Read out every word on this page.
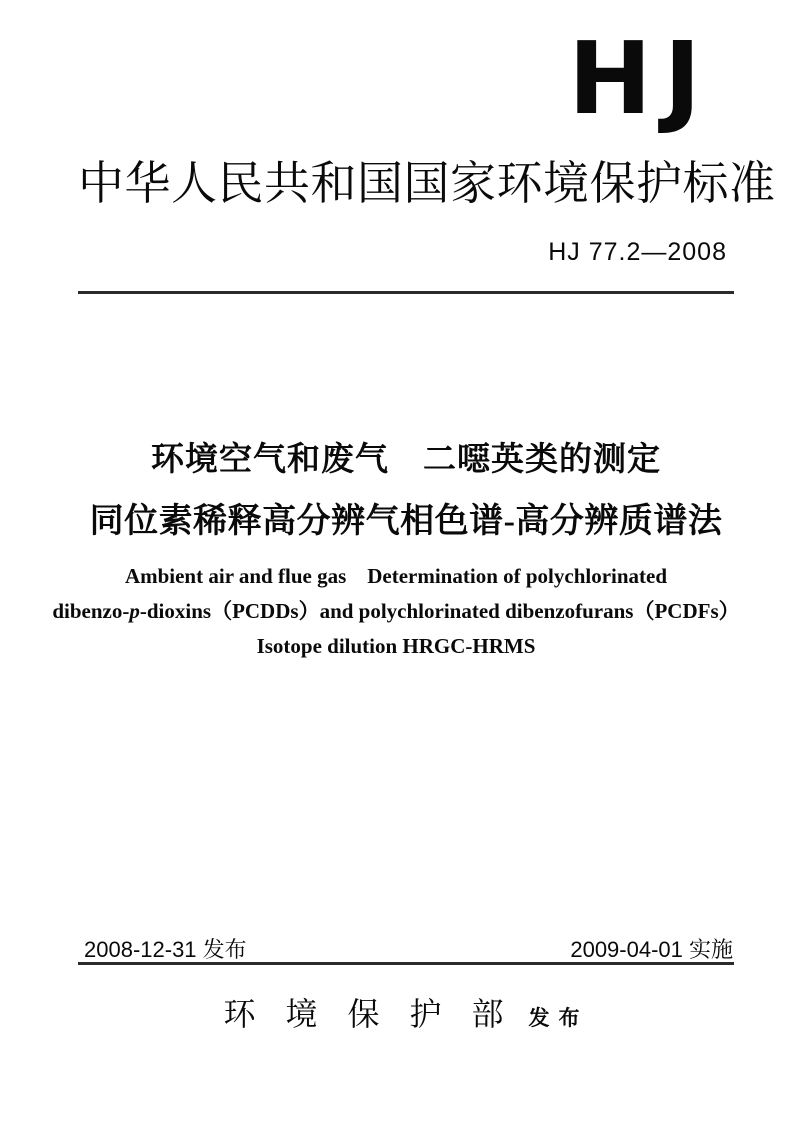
HJ
中华人民共和国国家环境保护标准
HJ 77.2—2008
环境空气和废气　二噁英类的测定
同位素稀释高分辨气相色谱-高分辨质谱法
Ambient air and flue gas    Determination of polychlorinated
dibenzo-p-dioxins（PCDDs）and polychlorinated dibenzofurans（PCDFs）
Isotope dilution HRGC-HRMS
2008-12-31 发布	2009-04-01 实施
环境保护部发布
